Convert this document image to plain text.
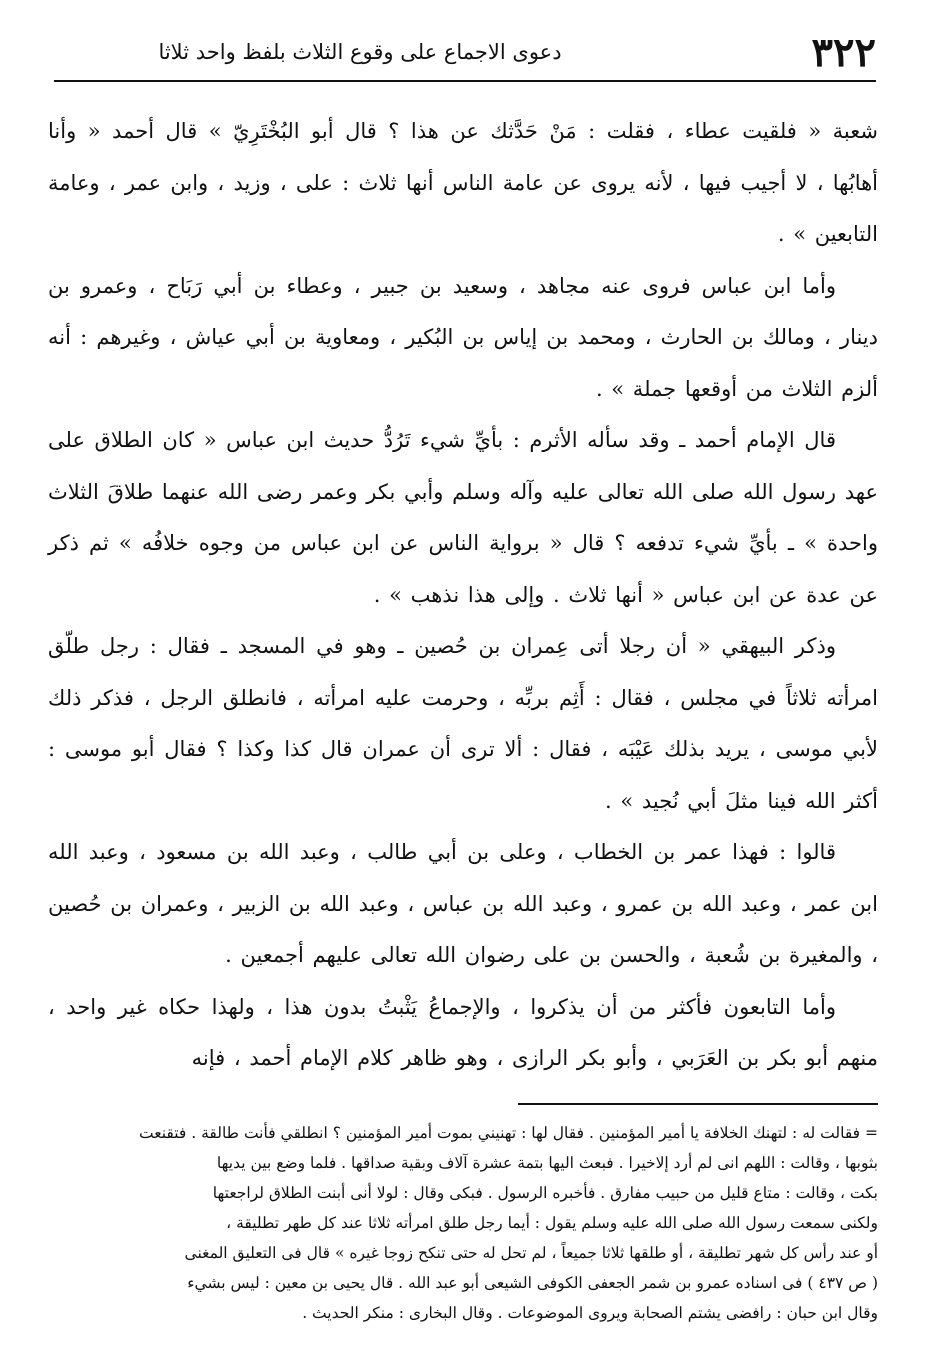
٣٢٢
دعوى الاجماع على وقوع الثلاث بلفظ واحد ثلاثا

شعبة « فلقيت عطاء ، فقلت : مَنْ حَدَّثك عن هذا ؟ قال أبو البُخْتَرِيّ » قال أحمد « وأنا أهابُها ، لا أجيب فيها ، لأنه يروى عن عامة الناس أنها ثلاث : على ، وزيد ، وابن عمر ، وعامة التابعين » .

وأما ابن عباس فروى عنه مجاهد ، وسعيد بن جبير ، وعطاء بن أبي رَبَاح ، وعمرو بن دينار ، ومالك بن الحارث ، ومحمد بن إياس بن البُكير ، ومعاوية بن أبي عياش ، وغيرهم : أنه ألزم الثلاث من أوقعها جملة » .

قال الإمام أحمد ـ وقد سأله الأثرم : بأيِّ شيء تَرُدُّ حديث ابن عباس « كان الطلاق على عهد رسول الله صلى الله تعالى عليه وآله وسلم وأبي بكر وعمر رضى الله عنهما طلاقَ الثلاث واحدة » ـ بأيِّ شيء تدفعه ؟ قال « برواية الناس عن ابن عباس من وجوه خلافُه » ثم ذكر عن عدة عن ابن عباس « أنها ثلاث . وإلى هذا نذهب » .

وذكر البيهقي « أن رجلا أتى عِمران بن حُصين ـ وهو في المسجد ـ فقال : رجل طلّق امرأته ثلاثاً في مجلس ، فقال : أَثِم بربِّه ، وحرمت عليه امرأته ، فانطلق الرجل ، فذكر ذلك لأبي موسى ، يريد بذلك عَيْبَه ، فقال : ألا ترى أن عمران قال كذا وكذا ؟ فقال أبو موسى : أكثر الله فينا مثلَ أبي نُجيد » .

قالوا : فهذا عمر بن الخطاب ، وعلى بن أبي طالب ، وعبد الله بن مسعود ، وعبد الله ابن عمر ، وعبد الله بن عمرو ، وعبد الله بن عباس ، وعبد الله بن الزبير ، وعمران بن حُصين ، والمغيرة بن شُعبة ، والحسن بن على رضوان الله تعالى عليهم أجمعين .

وأما التابعون فأكثر من أن يذكروا ، والإجماعُ يَثْبتُ بدون هذا ، ولهذا حكاه غير واحد ، منهم أبو بكر بن العَرَبي ، وأبو بكر الرازى ، وهو ظاهر كلام الإمام أحمد ، فإنه

= فقالت له : لتهنك الخلافة يا أمير المؤمنين . فقال لها : تهنيني بموت أمير المؤمنين ؟ انطلقي فأنت طالقة . فتقنعت

بثوبها ، وقالت : اللهم انى لم أرد إلاخيرا . فبعث اليها بتمة عشرة آلاف وبقية صداقها . فلما وضع بين يديها

بكت ، وقالت : متاع قليل من حبيب مفارق . فأخبره الرسول . فبكى وقال : لولا أنى أبنت الطلاق لراجعتها

ولكنى سمعت رسول الله صلى الله عليه وسلم يقول : أيما رجل طلق امرأته ثلاثا عند كل طهر تطليقة ،

أو عند رأس كل شهر تطليقة ، أو طلقها ثلاثا جميعاً ، لم تحل له حتى تنكح زوجا غيره » قال فى التعليق المغنى

( ص ٤٣٧ ) فى اسناده عمرو بن شمر الجعفى الكوفى الشيعى أبو عبد الله . قال يحيى بن معين : ليس بشيء

وقال ابن حبان : رافضى يشتم الصحابة ويروى الموضوعات . وقال البخارى : منكر الحديث .
